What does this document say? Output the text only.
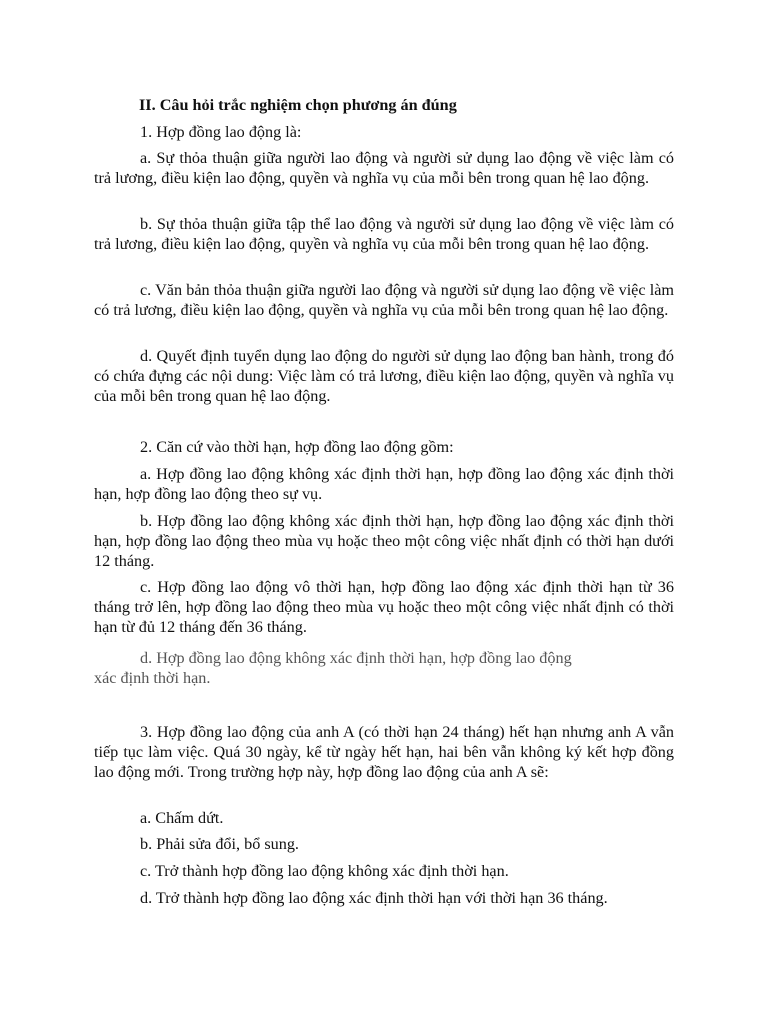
II. Câu hỏi trắc nghiệm chọn phương án đúng
1. Hợp đồng lao động là:
a. Sự thỏa thuận giữa người lao động và người sử dụng lao động về việc làm có trả lương, điều kiện lao động, quyền và nghĩa vụ của mỗi bên trong quan hệ lao động.
b. Sự thỏa thuận giữa tập thể lao động và người sử dụng lao động về việc làm có trả lương, điều kiện lao động, quyền và nghĩa vụ của mỗi bên trong quan hệ lao động.
c. Văn bản thỏa thuận giữa người lao động và người sử dụng lao động về việc làm có trả lương, điều kiện lao động, quyền và nghĩa vụ của mỗi bên trong quan hệ lao động.
d. Quyết định tuyển dụng lao động do người sử dụng lao động ban hành, trong đó có chứa đựng các nội dung: Việc làm có trả lương, điều kiện lao động, quyền và nghĩa vụ của mỗi bên trong quan hệ lao động.
2. Căn cứ vào thời hạn, hợp đồng lao động gồm:
a. Hợp đồng lao động không xác định thời hạn, hợp đồng lao động xác định thời hạn, hợp đồng lao động theo sự vụ.
b. Hợp đồng lao động không xác định thời hạn, hợp đồng lao động xác định thời hạn, hợp đồng lao động theo mùa vụ hoặc theo một công việc nhất định có thời hạn dưới 12 tháng.
c. Hợp đồng lao động vô thời hạn, hợp đồng lao động xác định thời hạn từ 36 tháng trở lên, hợp đồng lao động theo mùa vụ hoặc theo một công việc nhất định có thời hạn từ đủ 12 tháng đến 36 tháng.
d. Hợp đồng lao động không xác định thời hạn, hợp đồng lao động xác định thời hạn.
3. Hợp đồng lao động của anh A (có thời hạn 24 tháng) hết hạn nhưng anh A vẫn tiếp tục làm việc. Quá 30 ngày, kể từ ngày hết hạn, hai bên vẫn không ký kết hợp đồng lao động mới. Trong trường hợp này, hợp đồng lao động của anh A sẽ:
a. Chấm dứt.
b. Phải sửa đổi, bổ sung.
c. Trở thành hợp đồng lao động không xác định thời hạn.
d. Trở thành hợp đồng lao động xác định thời hạn với thời hạn 36 tháng.
